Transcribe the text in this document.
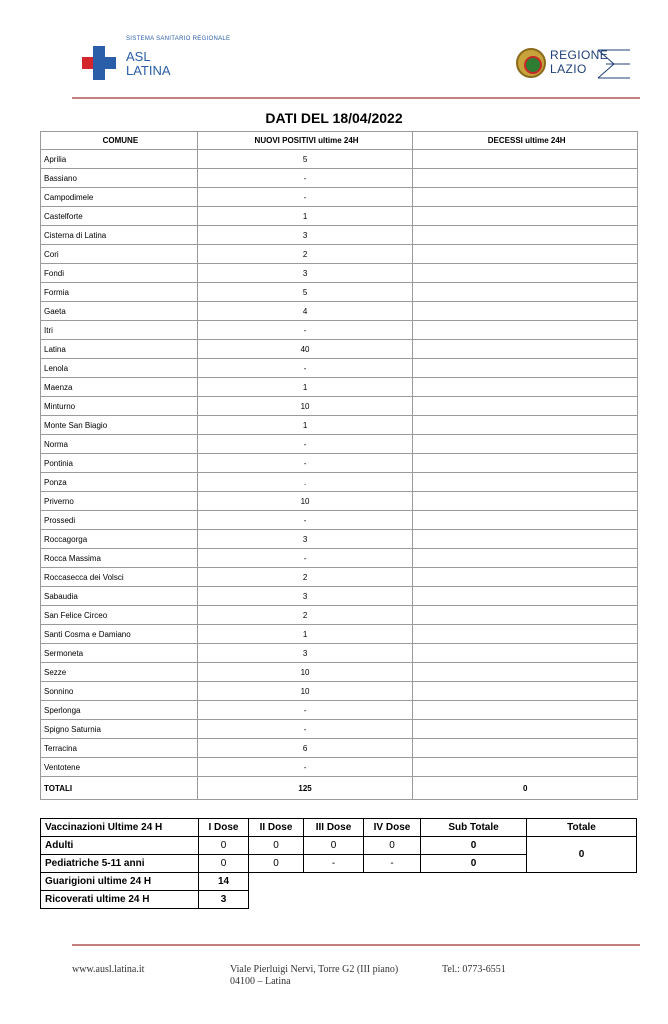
SISTEMA SANITARIO REGIONALE
ASL
LATINA
REGIONE
LAZIO
DATI DEL 18/04/2022
COMUNE	NUOVI POSITIVI ultime 24H	DECESSI ultime 24H
Aprilia	5	
Bassiano	-	
Campodimele	-	
Castelforte	1	
Cisterna di Latina	3	
Cori	2	
Fondi	3	
Formia	5	
Gaeta	4	
Itri	-	
Latina	40	
Lenola	-	
Maenza	1	
Minturno	10	
Monte San Biagio	1	
Norma	-	
Pontinia	-	
Ponza	.	
Priverno	10	
Prossedi	-	
Roccagorga	3	
Rocca Massima	-	
Roccasecca dei Volsci	2	
Sabaudia	3	
San Felice Circeo	2	
Santi Cosma e Damiano	1	
Sermoneta	3	
Sezze	10	
Sonnino	10	
Sperlonga	-	
Spigno Saturnia	-	
Terracina	6	
Ventotene	-	
TOTALI	125	0
Vaccinazioni Ultime 24 H	I Dose	II Dose	III Dose	IV Dose	Sub Totale	Totale
Adulti	0	0	0	0	0	0
Pediatriche 5-11 anni	0	0	-	-	0	
Guarigioni ultime 24 H	14					
Ricoverati ultime 24 H	3					
www.ausl.latina.it	Viale Pierluigi Nervi, Torre G2 (III piano)
04100 – Latina
Tel.: 0773-6551
